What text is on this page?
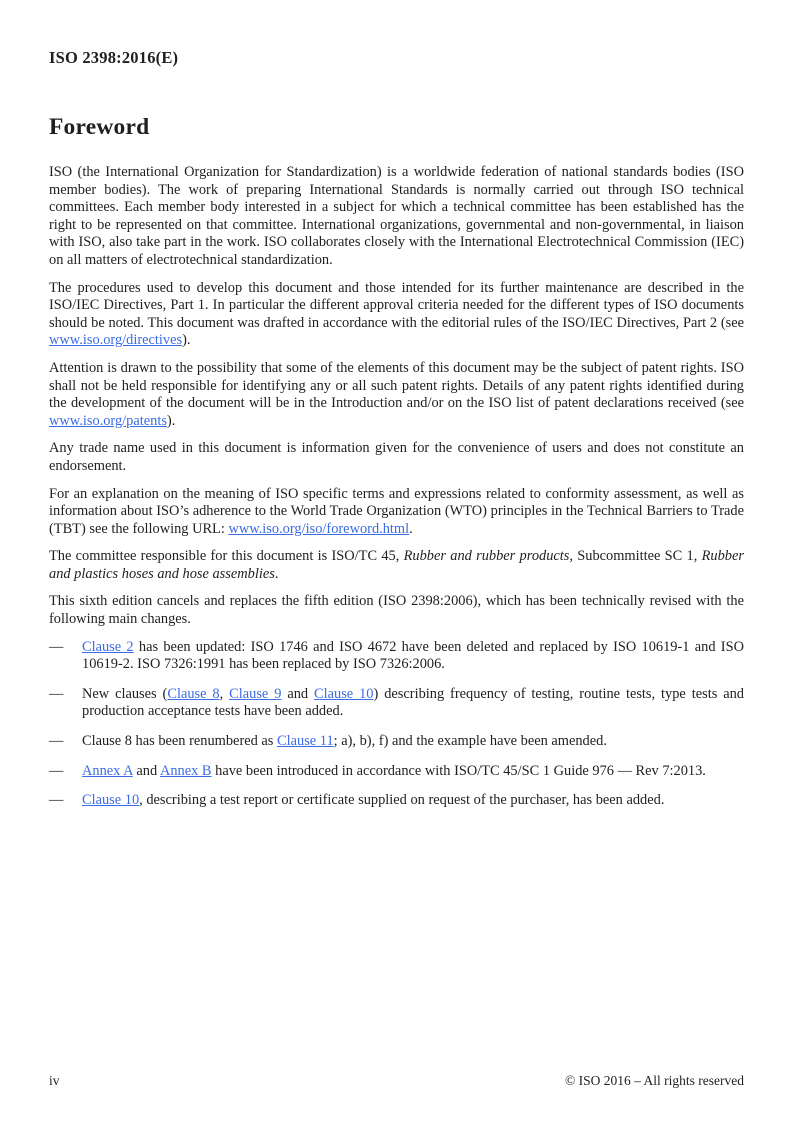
ISO 2398:2016(E)
Foreword
ISO (the International Organization for Standardization) is a worldwide federation of national standards bodies (ISO member bodies). The work of preparing International Standards is normally carried out through ISO technical committees. Each member body interested in a subject for which a technical committee has been established has the right to be represented on that committee. International organizations, governmental and non-governmental, in liaison with ISO, also take part in the work. ISO collaborates closely with the International Electrotechnical Commission (IEC) on all matters of electrotechnical standardization.
The procedures used to develop this document and those intended for its further maintenance are described in the ISO/IEC Directives, Part 1. In particular the different approval criteria needed for the different types of ISO documents should be noted. This document was drafted in accordance with the editorial rules of the ISO/IEC Directives, Part 2 (see www.iso.org/directives).
Attention is drawn to the possibility that some of the elements of this document may be the subject of patent rights. ISO shall not be held responsible for identifying any or all such patent rights. Details of any patent rights identified during the development of the document will be in the Introduction and/or on the ISO list of patent declarations received (see www.iso.org/patents).
Any trade name used in this document is information given for the convenience of users and does not constitute an endorsement.
For an explanation on the meaning of ISO specific terms and expressions related to conformity assessment, as well as information about ISO’s adherence to the World Trade Organization (WTO) principles in the Technical Barriers to Trade (TBT) see the following URL: www.iso.org/iso/foreword.html.
The committee responsible for this document is ISO/TC 45, Rubber and rubber products, Subcommittee SC 1, Rubber and plastics hoses and hose assemblies.
This sixth edition cancels and replaces the fifth edition (ISO 2398:2006), which has been technically revised with the following main changes.
—	Clause 2 has been updated: ISO 1746 and ISO 4672 have been deleted and replaced by ISO 10619-1 and ISO 10619-2. ISO 7326:1991 has been replaced by ISO 7326:2006.
—	New clauses (Clause 8, Clause 9 and Clause 10) describing frequency of testing, routine tests, type tests and production acceptance tests have been added.
—	Clause 8 has been renumbered as Clause 11; a), b), f) and the example have been amended.
—	Annex A and Annex B have been introduced in accordance with ISO/TC 45/SC 1 Guide 976 — Rev 7:2013.
—	Clause 10, describing a test report or certificate supplied on request of the purchaser, has been added.
iv	© ISO 2016 – All rights reserved
